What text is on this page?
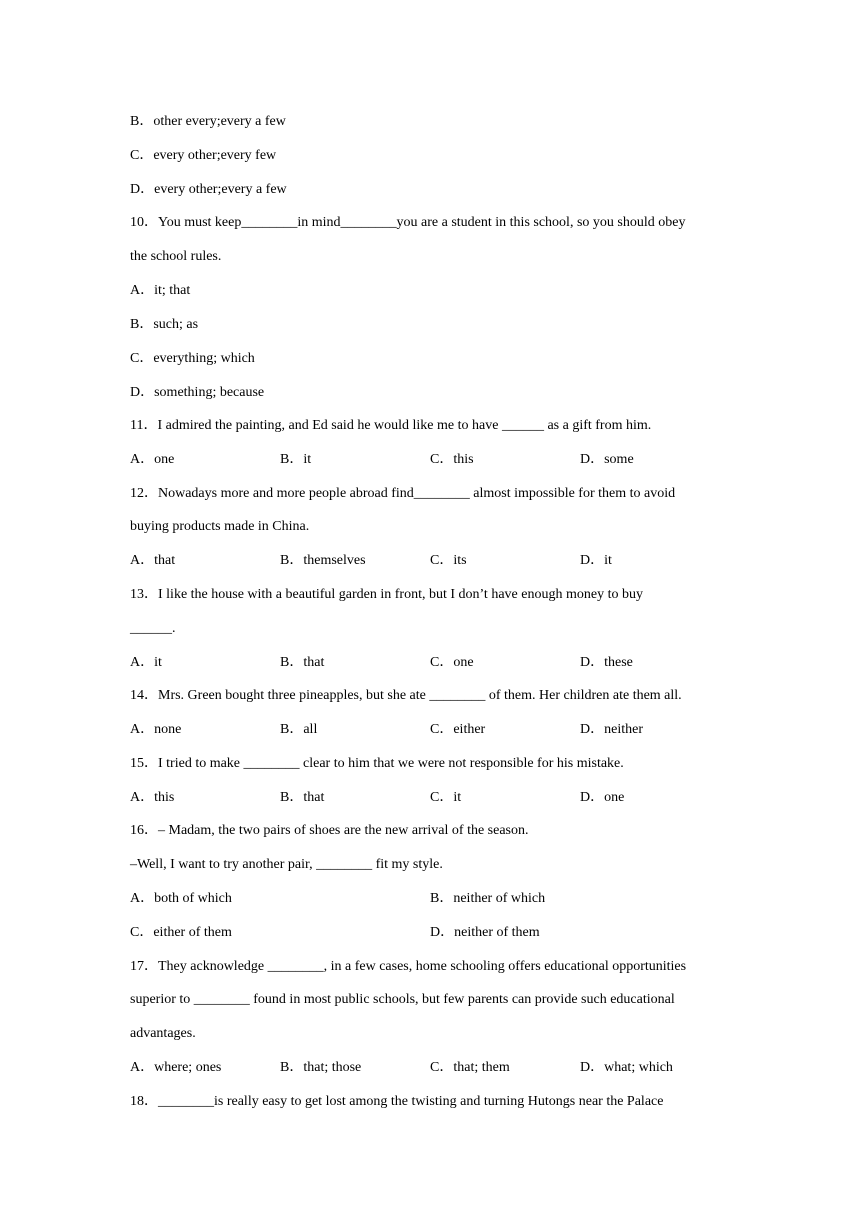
B．other every;every a few
C．every other;every few
D．every other;every a few
10．You must keep________in mind________you are a student in this school, so you should obey
the school rules.
A．it; that
B．such; as
C．everything; which
D．something; because
11．I admired the painting, and Ed said he would like me to have ______ as a gift from him.
A．one	B．it	C．this	D．some
12．Nowadays more and more people abroad find________ almost impossible for them to avoid
buying products made in China.
A．that	B．themselves	C．its	D．it
13．I like the house with a beautiful garden in front, but I don’t have enough money to buy
______.
A．it	B．that	C．one	D．these
14．Mrs. Green bought three pineapples, but she ate ________ of them. Her children ate them all.
A．none	B．all	C．either	D．neither
15．I tried to make ________ clear to him that we were not responsible for his mistake.
A．this	B．that	C．it	D．one
16．– Madam, the two pairs of shoes are the new arrival of the season.
–Well, I want to try another pair, ________ fit my style.
A．both of which	B．neither of which
C．either of them	D．neither of them
17．They acknowledge ________, in a few cases, home schooling offers educational opportunities
superior to ________ found in most public schools, but few parents can provide such educational
advantages.
A．where; ones	B．that; those	C．that; them	D．what; which
18．________is really easy to get lost among the twisting and turning Hutongs near the Palace
